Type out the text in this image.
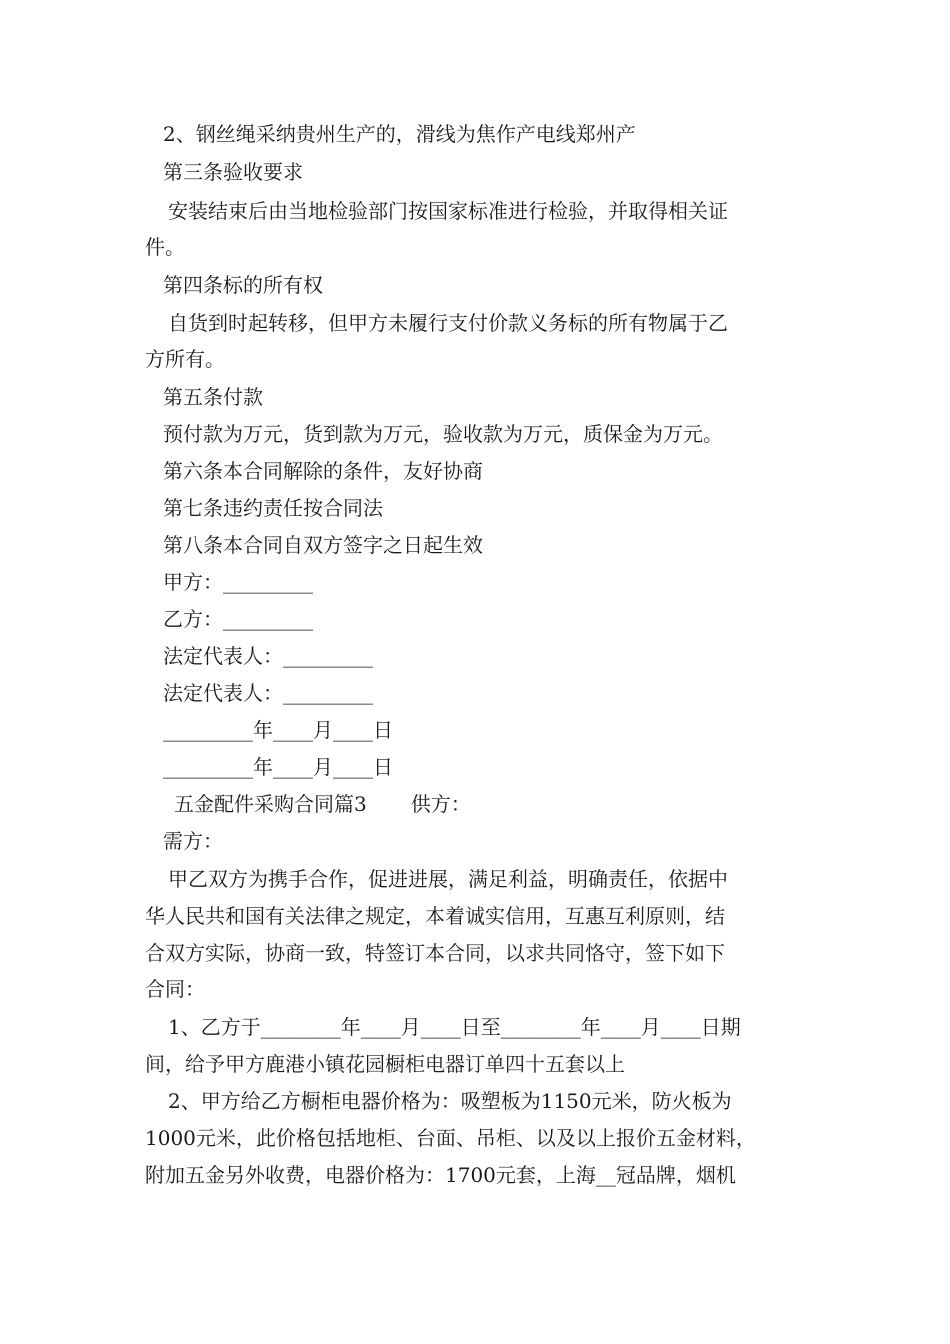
2、钢丝绳采纳贵州生产的，滑线为焦作产电线郑州产

第三条验收要求

安装结束后由当地检验部门按国家标准进行检验，并取得相关证

件。

第四条标的所有权

自货到时起转移，但甲方未履行支付价款义务标的所有物属于乙

方所有。

第五条付款

预付款为万元，货到款为万元，验收款为万元，质保金为万元。

第六条本合同解除的条件，友好协商

第七条违约责任按合同法

第八条本合同自双方签字之日起生效

甲方：_________

乙方：_________

法定代表人：_________

法定代表人：_________

_________年____月____日

_________年____月____日

五金配件采购合同篇3 供方：

需方：

甲乙双方为携手合作，促进进展，满足利益，明确责任，依据中

华人民共和国有关法律之规定，本着诚实信用，互惠互利原则，结

合双方实际，协商一致，特签订本合同，以求共同恪守，签下如下

合同：

1、乙方于________年____月____日至________年____月____日期

间，给予甲方鹿港小镇花园橱柜电器订单四十五套以上

2、甲方给乙方橱柜电器价格为：吸塑板为1150元米，防火板为

1000元米，此价格包括地柜、台面、吊柜、以及以上报价五金材料，

附加五金另外收费，电器价格为：1700元套，上海__冠品牌，烟机
